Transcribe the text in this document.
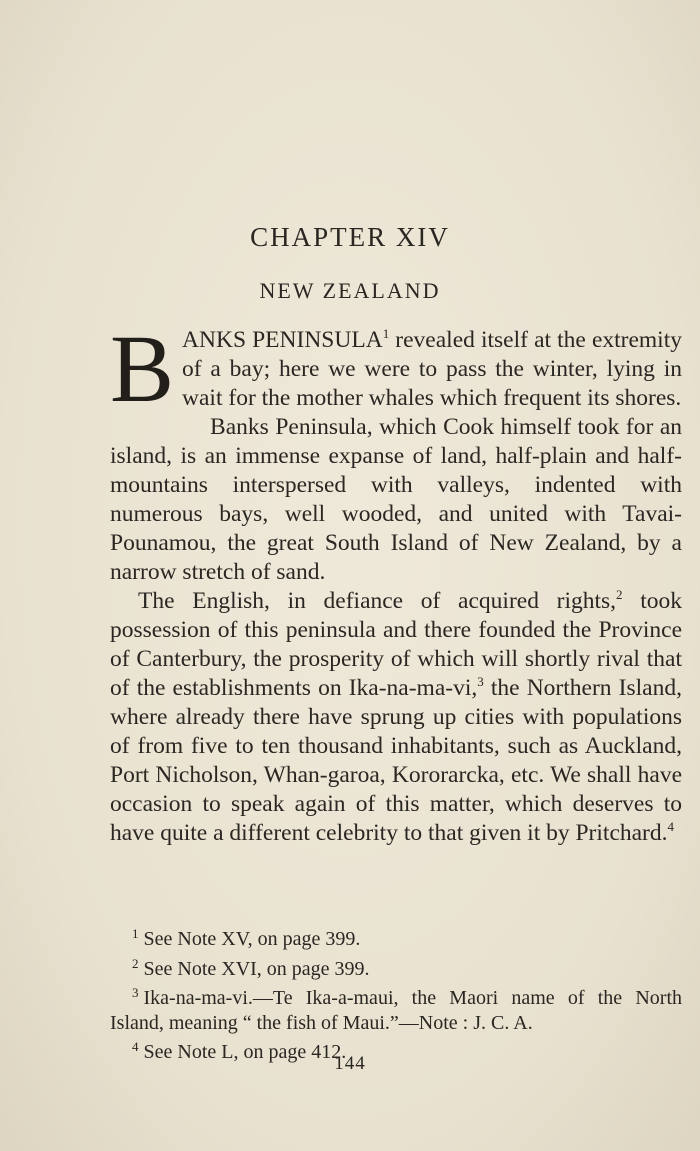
CHAPTER XIV
NEW ZEALAND

BANKS PENINSULA$^1$ revealed itself at the extremity of a bay; here we were to pass the winter, lying in wait for the mother whales which frequent its shores.

Banks Peninsula, which Cook himself took for an island, is an immense expanse of land, half-plain and half-mountains interspersed with valleys, indented with numerous bays, well wooded, and united with Tavai-Pounamou, the great South Island of New Zealand, by a narrow stretch of sand.

The English, in defiance of acquired rights,$^2$ took possession of this peninsula and there founded the Province of Canterbury, the prosperity of which will shortly rival that of the establishments on Ika-na-ma-vi,$^3$ the Northern Island, where already there have sprung up cities with populations of from five to ten thousand inhabitants, such as Auckland, Port Nicholson, Whan-garoa, Kororarcka, etc. We shall have occasion to speak again of this matter, which deserves to have quite a different celebrity to that given it by Pritchard.$^4$

$^1$ See Note XV, on page 399.

$^2$ See Note XVI, on page 399.

$^3$ Ika-na-ma-vi.—Te Ika-a-maui, the Maori name of the North Island, meaning “ the fish of Maui.”—Note : J. C. A.

$^4$ See Note L, on page 412.

144
